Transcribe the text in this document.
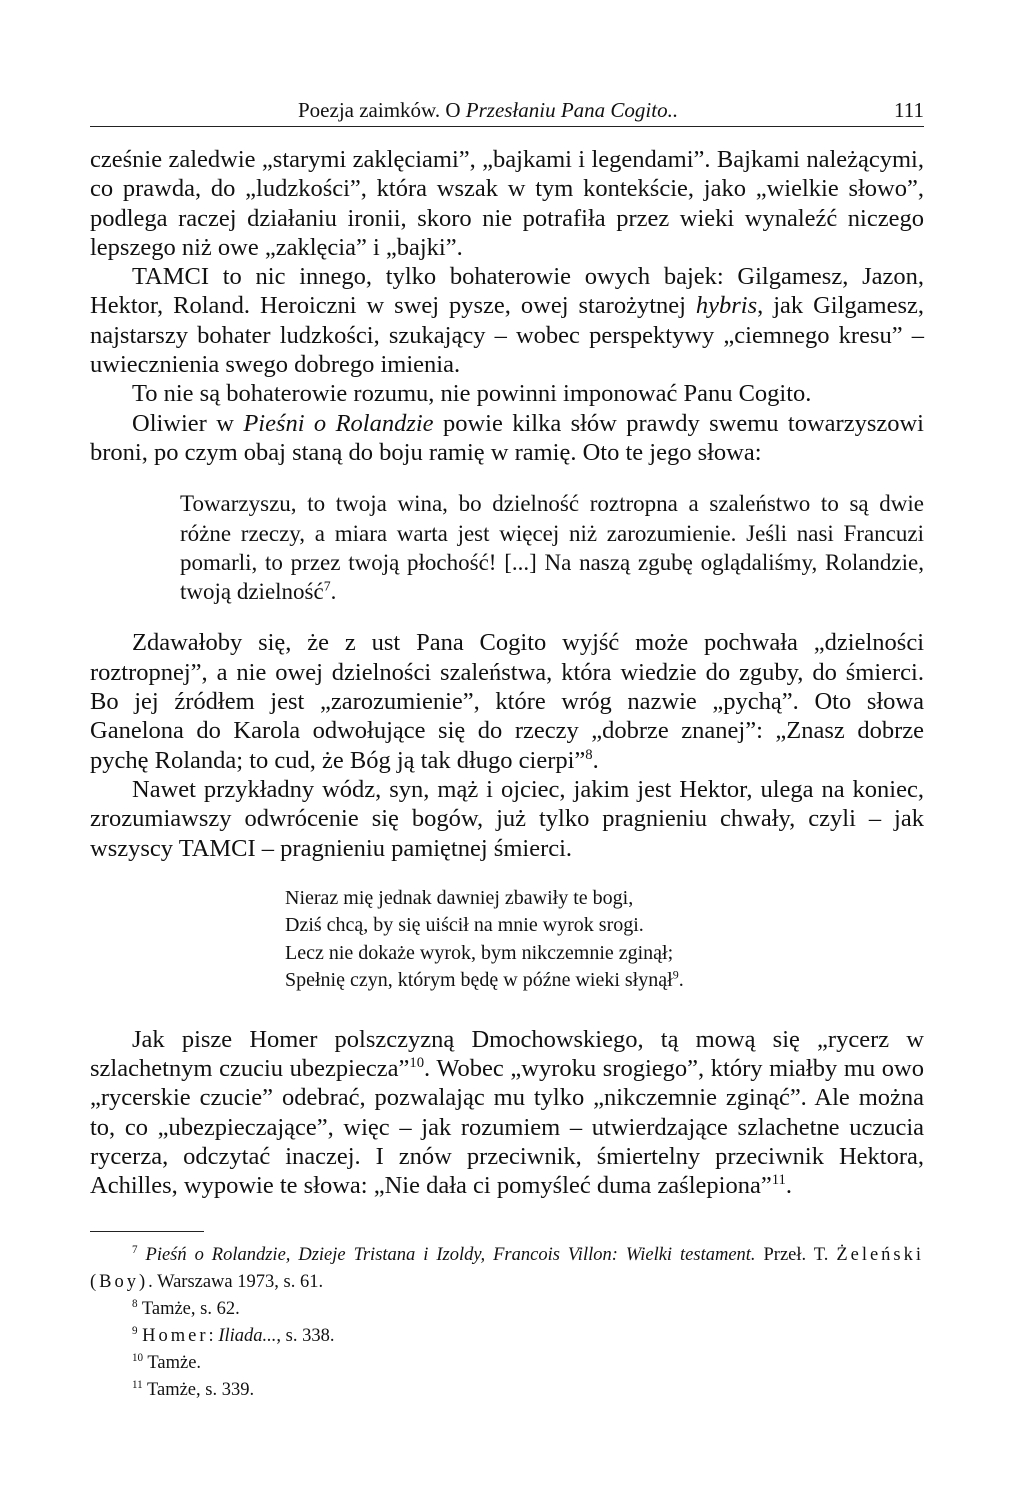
Poezja zaimków. O Przesłaniu Pana Cogito..	111

cześnie zaledwie „starymi zaklęciami”, „bajkami i legendami”. Bajkami należącymi, co prawda, do „ludzkości”, która wszak w tym kontekście, jako „wielkie słowo”, podlega raczej działaniu ironii, skoro nie potrafiła przez wieki wynaleźć niczego lepszego niż owe „zaklęcia” i „bajki”.

TAMCI to nic innego, tylko bohaterowie owych bajek: Gilgamesz, Jazon, Hektor, Roland. Heroiczni w swej pysze, owej starożytnej hybris, jak Gilgamesz, najstarszy bohater ludzkości, szukający – wobec perspektywy „ciemnego kresu” – uwiecznienia swego dobrego imienia.

To nie są bohaterowie rozumu, nie powinni imponować Panu Cogito.

Oliwier w Pieśni o Rolandzie powie kilka słów prawdy swemu towarzyszowi broni, po czym obaj staną do boju ramię w ramię. Oto te jego słowa:

Towarzyszu, to twoja wina, bo dzielność roztropna a szaleństwo to są dwie różne rzeczy, a miara warta jest więcej niż zarozumienie. Jeśli nasi Francuzi pomarli, to przez twoją płochość! [...] Na naszą zgubę oglądaliśmy, Rolandzie, twoją dzielność$^7$.

Zdawałoby się, że z ust Pana Cogito wyjść może pochwała „dzielności roztropnej”, a nie owej dzielności szaleństwa, która wiedzie do zguby, do śmierci. Bo jej źródłem jest „zarozumienie”, które wróg nazwie „pychą”. Oto słowa Ganelona do Karola odwołujące się do rzeczy „dobrze znanej”: „Znasz dobrze pychę Rolanda; to cud, że Bóg ją tak długo cierpi”$^8$.

Nawet przykładny wódz, syn, mąż i ojciec, jakim jest Hektor, ulega na koniec, zrozumiawszy odwrócenie się bogów, już tylko pragnieniu chwały, czyli – jak wszyscy TAMCI – pragnieniu pamiętnej śmierci.

Nieraz mię jednak dawniej zbawiły te bogi,
Dziś chcą, by się uiścił na mnie wyrok srogi.
Lecz nie dokaże wyrok, bym nikczemnie zginął;
Spełnię czyn, którym będę w późne wieki słynął$^9$.

Jak pisze Homer polszczyzną Dmochowskiego, tą mową się „rycerz w szlachetnym czuciu ubezpiecza”$^{10}$. Wobec „wyroku srogiego”, który miałby mu owo „rycerskie czucie” odebrać, pozwalając mu tylko „nikczemnie zginąć”. Ale można to, co „ubezpieczające”, więc – jak rozumiem – utwierdzające szlachetne uczucia rycerza, odczytać inaczej. I znów przeciwnik, śmiertelny przeciwnik Hektora, Achilles, wypowie te słowa: „Nie dała ci pomyśleć duma zaślepiona”$^{11}$.

$^7$ Pieśń o Rolandzie, Dzieje Tristana i Izoldy, Francois Villon: Wielki testament. Przeł. T. Żeleński (Boy). Warszawa 1973, s. 61.

$^8$ Tamże, s. 62.

$^9$ Homer: Iliada..., s. 338.

$^{10}$ Tamże.

$^{11}$ Tamże, s. 339.
